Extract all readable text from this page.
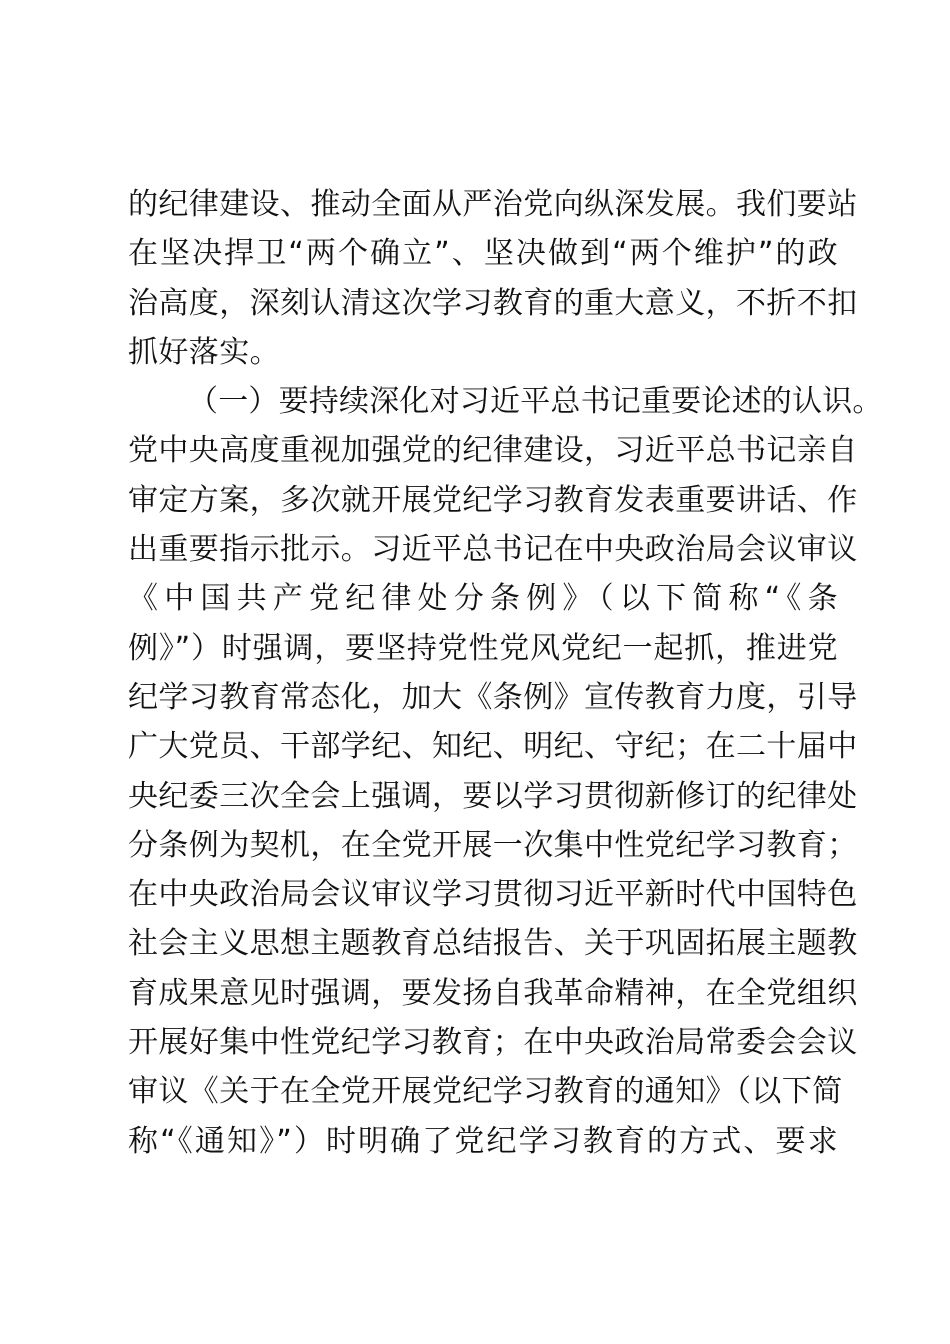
的纪律建设、推动全面从严治党向纵深发展。我们要站
在坚决捍卫“两个确立”、坚决做到“两个维护”的政
治高度，深刻认清这次学习教育的重大意义，不折不扣
抓好落实。
（一）要持续深化对习近平总书记重要论述的认识。
党中央高度重视加强党的纪律建设，习近平总书记亲自
审定方案，多次就开展党纪学习教育发表重要讲话、作
出重要指示批示。习近平总书记在中央政治局会议审议
《中国共产党纪律处分条例》（以下简称“《条
例》”）时强调，要坚持党性党风党纪一起抓，推进党
纪学习教育常态化，加大《条例》宣传教育力度，引导
广大党员、干部学纪、知纪、明纪、守纪；在二十届中
央纪委三次全会上强调，要以学习贯彻新修订的纪律处
分条例为契机，在全党开展一次集中性党纪学习教育；
在中央政治局会议审议学习贯彻习近平新时代中国特色
社会主义思想主题教育总结报告、关于巩固拓展主题教
育成果意见时强调，要发扬自我革命精神，在全党组织
开展好集中性党纪学习教育；在中央政治局常委会会议
审议《关于在全党开展党纪学习教育的通知》（以下简
称“《通知》”）时明确了党纪学习教育的方式、要求
